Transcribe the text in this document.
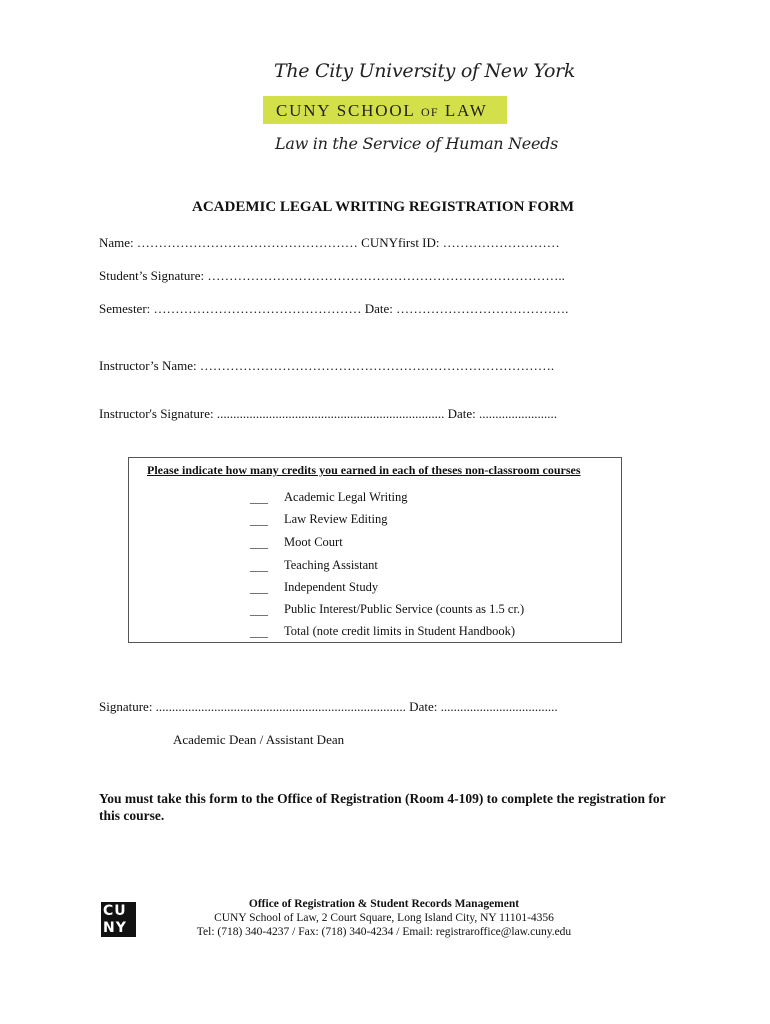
The City University of New York
CUNY SCHOOL OF LAW
Law in the Service of Human Needs
ACADEMIC LEGAL WRITING REGISTRATION FORM
Name: …………………………………………… CUNYfirst ID: ………………………
Student’s Signature: ………………………………………………………………………..
Semester: ………………………………………… Date: ………………………………….
Instructor’s Name: ……………………………………………………………………….
Instructor's Signature: ...................................................................... Date: ........................
Please indicate how many credits you earned in each of theses non-classroom courses
___ Academic Legal Writing
___ Law Review Editing
___ Moot Court
___ Teaching Assistant
___ Independent Study
___ Public Interest/Public Service (counts as 1.5 cr.)
___ Total (note credit limits in Student Handbook)
Signature: ............................................................................. Date: ....................................
Academic Dean / Assistant Dean
You must take this form to the Office of Registration (Room 4-109) to complete the registration for this course.
CU
NY
Office of Registration & Student Records Management
CUNY School of Law, 2 Court Square, Long Island City, NY 11101-4356
Tel: (718) 340-4237 / Fax: (718) 340-4234 / Email: registraroffice@law.cuny.edu
